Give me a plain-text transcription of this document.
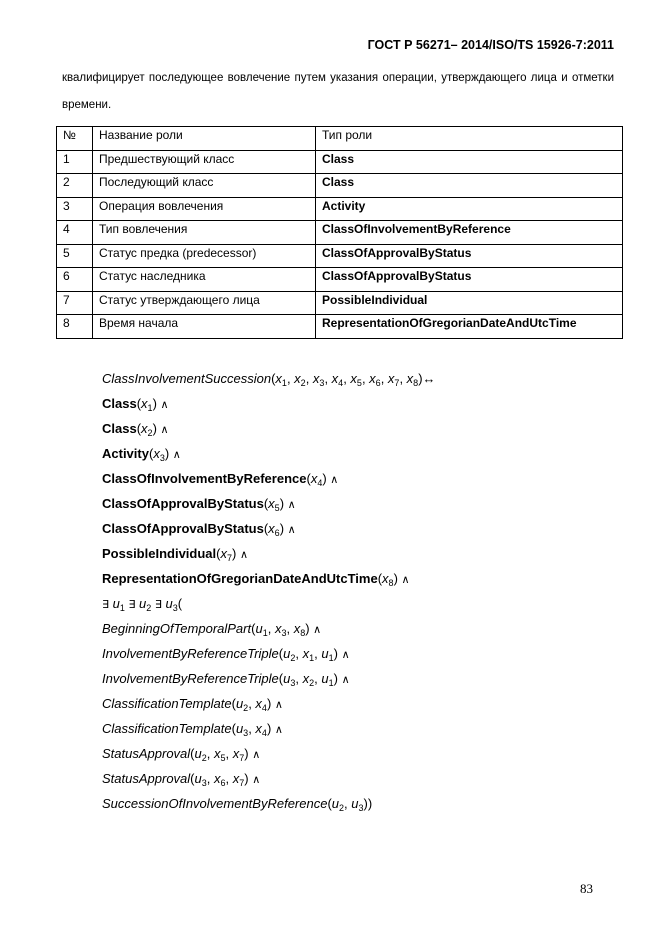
ГОСТ Р 56271– 2014/ISO/TS 15926-7:2011
квалифицирует последующее вовлечение путем указания операции, утверждающего лица и отметки времени.
№	Название роли	Тип роли
1	Предшествующий класс	Class
2	Последующий класс	Class
3	Операция вовлечения	Activity
4	Тип вовлечения	ClassOfInvolvementByReference
5	Статус предка (predecessor)	ClassOfApprovalByStatus
6	Статус наследника	ClassOfApprovalByStatus
7	Статус утверждающего лица	PossibleIndividual
8	Время начала	RepresentationOfGregorianDateAndUtcTime
$ClassInvolvementSuccession(x_1$, $x_2$, $x_3$, $x_4$, $x_5$, $x_6$, $x_7$, $x_8)\leftrightarrow$
$Class(x_1)$ ∧
$Class(x_2)$ ∧
$Activity(x_3)$ ∧
$ClassOfInvolvementByReference(x_4)$ ∧
$ClassOfApprovalByStatus(x_5)$ ∧
$ClassOfApprovalByStatus(x_6)$ ∧
$PossibleIndividual(x_7)$ ∧
$RepresentationOfGregorianDateAndUtcTime(x_8)$ ∧
∃ $u_1$ ∃ $u_2$ ∃ $u_3$(
$BeginningOfTemporalPart(u_1$, $x_3$, $x_8$) ∧
$InvolvementByReferenceTriple(u_2$, $x_1$, $u_1$) ∧
$InvolvementByReferenceTriple(u_3$, $x_2$, $u_1$) ∧
$ClassificationTemplate(u_2$, $x_4$) ∧
$ClassificationTemplate(u_3$, $x_4$) ∧
$StatusApproval(u_2$, $x_5$, $x_7$) ∧
$StatusApproval(u_3$, $x_6$, $x_7$) ∧
$SuccessionOfInvolvementByReference(u_2$, $u_3$))
83
